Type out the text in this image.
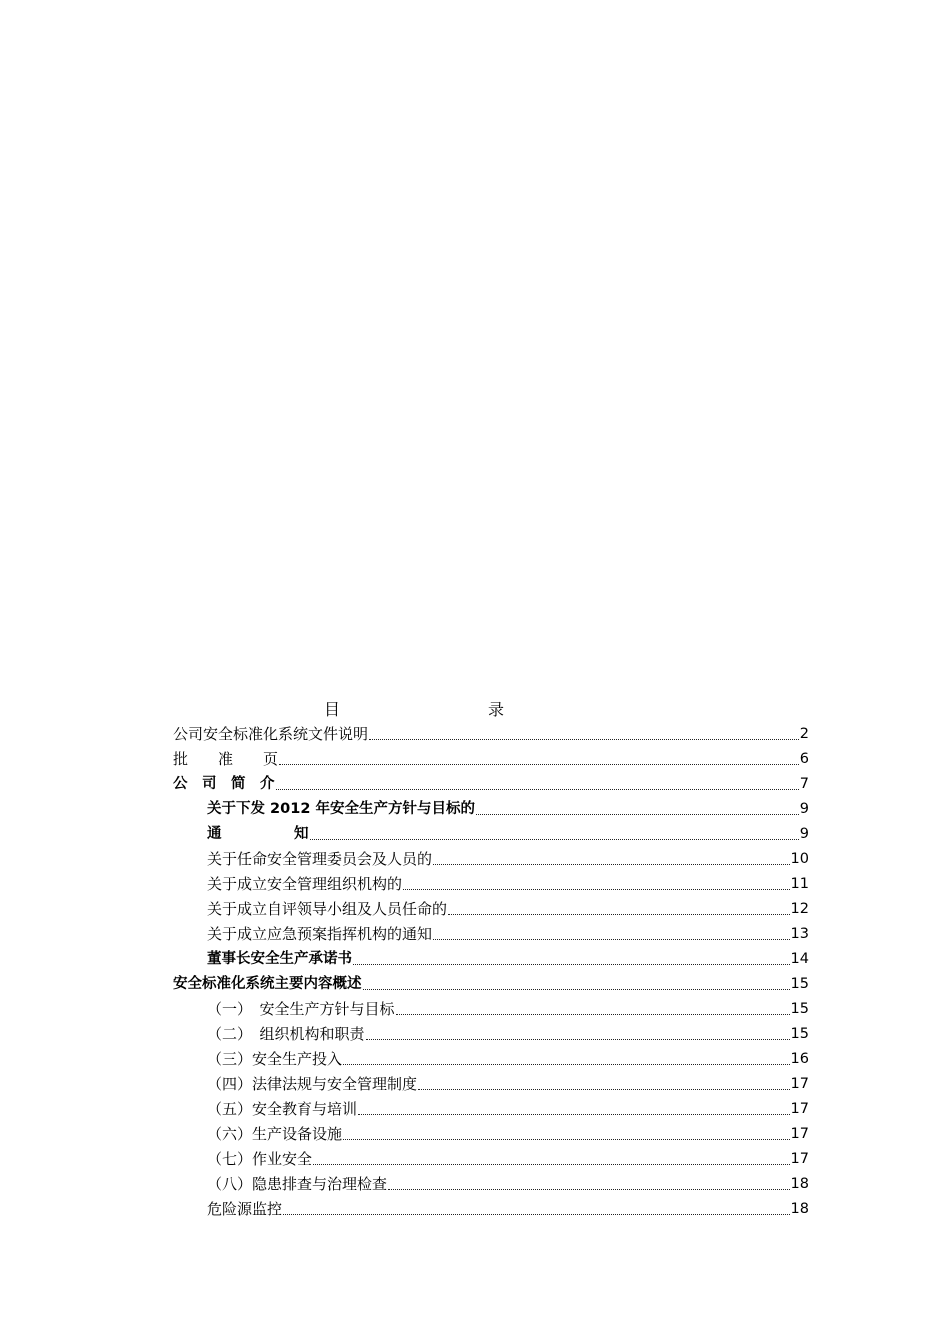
目	录
公司安全标准化系统文件说明	2
批　　准　　页	6
公　司　简　介	7
关于下发 2012 年安全生产方针与目标的	9
通　　　　　知	9
关于任命安全管理委员会及人员的	10
关于成立安全管理组织机构的	11
关于成立自评领导小组及人员任命的	12
关于成立应急预案指挥机构的通知	13
董事长安全生产承诺书	14
安全标准化系统主要内容概述	15
（一）　安全生产方针与目标	15
（二）　组织机构和职责	15
（三）安全生产投入	16
（四）法律法规与安全管理制度	17
（五）安全教育与培训	17
（六）生产设备设施	17
（七）作业安全	17
（八）隐患排查与治理检查	18
危险源监控	18
